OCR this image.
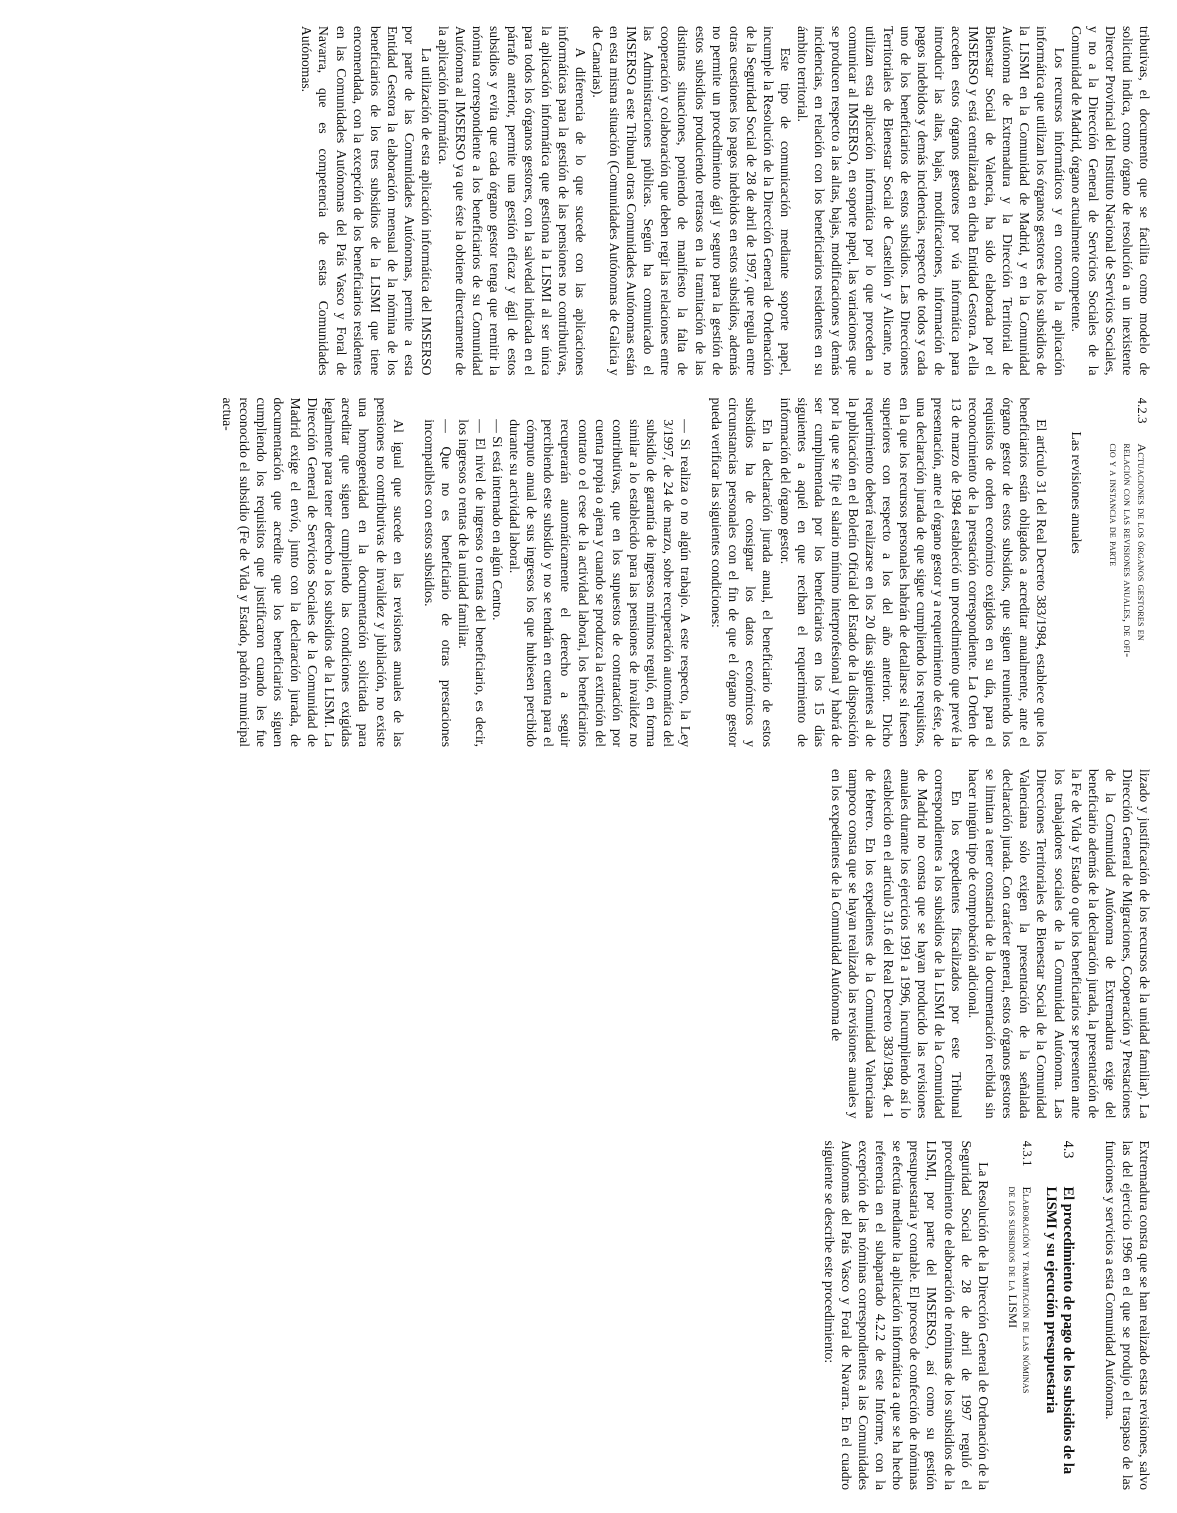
tributivas, el documento que se facilita como modelo de solicitud indica, como órgano de resolución a un inexistente Director Provincial del Instituto Nacional de Servicios Sociales, y no a la Dirección General de Servicios Sociales de la Comunidad de Madrid, órgano actualmente competente.

Los recursos informáticos y en concreto la aplicación informática que utilizan los órganos gestores de los subsidios de la LISMI en la Comunidad de Madrid, y en la Comunidad Autónoma de Extremadura y la Dirección Territorial de Bienestar Social de Valencia, ha sido elaborada por el IMSERSO y está centralizada en dicha Entidad Gestora. A ella acceden estos órganos gestores por vía informática para introducir las altas, bajas, modificaciones, información de pagos indebidos y demás incidencias, respecto de todos y cada uno de los beneficiarios de estos subsidios. Las Direcciones Territoriales de Bienestar Social de Castellón y Alicante, no utilizan esta aplicación informática por lo que proceden a comunicar al IMSERSO, en soporte papel, las variaciones que se producen respecto a las altas, bajas, modificaciones y demás incidencias, en relación con los beneficiarios residentes en su ámbito territorial.

Este tipo de comunicación mediante soporte papel, incumple la Resolución de la Dirección General de Ordenación de la Seguridad Social de 28 de abril de 1997, que regula entre otras cuestiones los pagos indebidos en estos subsidios, además no permite un procedimiento ágil y seguro para la gestión de estos subsidios produciendo retrasos en la tramitación de las distintas situaciones, poniendo de manifiesto la falta de cooperación y colaboración que deben regir las relaciones entre las Administraciones públicas. Según ha comunicado el IMSERSO a este Tribunal otras Comunidades Autónomas están en esta misma situación (Comunidades Autónomas de Galicia y de Canarias).

A diferencia de lo que sucede con las aplicaciones informáticas para la gestión de las pensiones no contributivas, la aplicación informática que gestiona la LISMI al ser única para todos los órganos gestores, con la salvedad indicada en el párrafo anterior, permite una gestión eficaz y ágil de estos subsidios y evita que cada órgano gestor tenga que remitir la nómina correspondiente a los beneficiarios de su Comunidad Autónoma al IMSERSO ya que éste la obtiene directamente de la aplicación informática.

La utilización de esta aplicación informática del IMSERSO por parte de las Comunidades Autónomas, permite a esta Entidad Gestora la elaboración mensual de la nómina de los beneficiarios de los tres subsidios de la LISMI que tiene encomendada, con la excepción de los beneficiarios residentes en las Comunidades Autónomas del País Vasco y Foral de Navarra, que es competencia de estas Comunidades Autónomas.

4.2.3
Actuaciones de los órganos gestores en
relación con las revisiones anuales, de ofi-
cio y a instancia de parte

Las revisiones anuales

El artículo 31 del Real Decreto 383/1984, establece que los beneficiarios están obligados a acreditar anualmente, ante el órgano gestor de estos subsidios, que siguen reuniendo los requisitos de orden económico exigidos en su día, para el reconocimiento de la prestación correspondiente. La Orden de 13 de marzo de 1984 estableció un procedimiento que prevé la presentación, ante el órgano gestor y a requerimiento de éste, de una declaración jurada de que sigue cumpliendo los requisitos, en la que los recursos personales habrán de detallarse si fuesen superiores con respecto a los del año anterior. Dicho requerimiento deberá realizarse en los 20 días siguientes al de la publicación en el Boletín Oficial del Estado de la disposición por la que se fije el salario mínimo interprofesional y habrá de ser cumplimentada por los beneficiarios en los 15 días siguientes a aquél en que reciban el requerimiento de información del órgano gestor.

En la declaración jurada anual, el beneficiario de estos subsidios ha de consignar los datos económicos y circunstancias personales con el fin de que el órgano gestor pueda verificar las siguientes condiciones:

— Si realiza o no algún trabajo. A este respecto, la Ley 3/1997, de 24 de marzo, sobre recuperación automática del subsidio de garantía de ingresos mínimos reguló, en forma similar a lo establecido para las pensiones de invalidez no contributivas, que en los supuestos de contratación por cuenta propia o ajena y cuando se produzca la extinción del contrato o el cese de la actividad laboral, los beneficiarios recuperarán automáticamente el derecho a seguir percibiendo este subsidio y no se tendrán en cuenta para el cómputo anual de sus ingresos los que hubiesen percibido durante su actividad laboral.

— Si está internado en algún Centro.

— El nivel de ingresos o rentas del beneficiario, es decir, los ingresos o rentas de la unidad familiar.

— Que no es beneficiario de otras prestaciones incompatibles con estos subsidios.

Al igual que sucede en las revisiones anuales de las pensiones no contributivas de invalidez y jubilación, no existe una homogeneidad en la documentación solicitada para acreditar que siguen cumpliendo las condiciones exigidas legalmente para tener derecho a los subsidios de la LISMI. La Dirección General de Servicios Sociales de la Comunidad de Madrid exige el envío, junto con la declaración jurada, de documentación que acredite que los beneficiarios siguen cumpliendo los requisitos que justificaron cuando les fue reconocido el subsidio (Fe de Vida y Estado, padrón municipal actua-

lizado y justificación de los recursos de la unidad familiar). La Dirección General de Migraciones, Cooperación y Prestaciones de la Comunidad Autónoma de Extremadura exige del beneficiario además de la declaración jurada, la presentación de la Fe de Vida y Estado o que los beneficiarios se presenten ante los trabajadores sociales de la Comunidad Autónoma. Las Direcciones Territoriales de Bienestar Social de la Comunidad Valenciana sólo exigen la presentación de la señalada declaración jurada. Con carácter general, estos órganos gestores se limitan a tener constancia de la documentación recibida sin hacer ningún tipo de comprobación adicional.

En los expedientes fiscalizados por este Tribunal correspondientes a los subsidios de la LISMI de la Comunidad de Madrid no consta que se hayan producido las revisiones anuales durante los ejercicios 1991 a 1996, incumpliendo así lo establecido en el artículo 31.6 del Real Decreto 383/1984, de 1 de febrero. En los expedientes de la Comunidad Valenciana tampoco consta que se hayan realizado las revisiones anuales y en los expedientes de la Comunidad Autónoma de

Extremadura consta que se han realizado estas revisiones, salvo las del ejercicio 1996 en el que se produjo el traspaso de las funciones y servicios a esta Comunidad Autónoma.

4.3
El procedimiento de pago de los subsidios de la
LISMI y su ejecución presupuestaria
4.3.1
Elaboración y tramitación de las nóminas
de los subsidios de la LISMI

La Resolución de la Dirección General de Ordenación de la Seguridad Social de 28 de abril de 1997 reguló el procedimiento de elaboración de nóminas de los subsidios de la LISMI, por parte del IMSERSO, así como su gestión presupuestaria y contable. El proceso de confección de nóminas se efectúa mediante la aplicación informática a que se ha hecho referencia en el subapartado 4.2.2 de este Informe, con la excepción de las nóminas correspondientes a las Comunidades Autónomas del País Vasco y Foral de Navarra. En el cuadro siguiente se describe este procedimiento:
